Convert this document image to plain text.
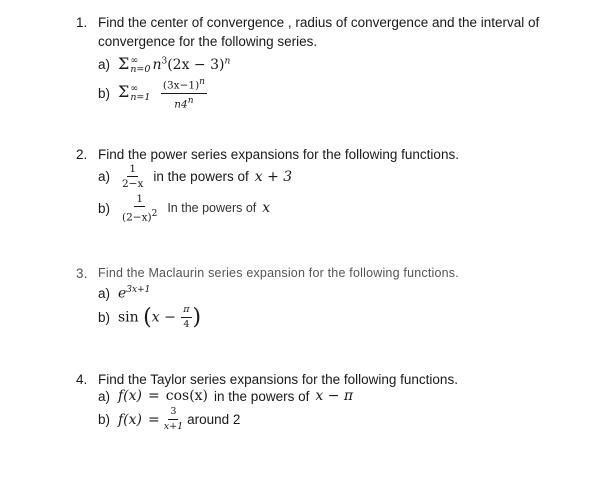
1. Find the center of convergence , radius of convergence and the interval of convergence for the following series.
a) Σ ∞
n=0 $n^3(2x - 3)^n$
b) Σ ∞
n=1
$\frac{(3x-1)^n}{n4^n}$
2. Find the power series expansions for the following functions.
a)	$\frac{1}{2-x}$ in the powers of x + 3
b)	$\frac{1}{(2-x)^2}$ In the powers of x
3. Find the Maclaurin series expansion for the following functions.
a) $e^{3x+1}$
b) $\sin (x - \frac{\pi}{4}$ )
4. Find the Taylor series expansions for the following functions.
a) f(x) = cos(x) in the powers of x − π
b) $f(x) = \frac{3}{x+1}$ around 2
